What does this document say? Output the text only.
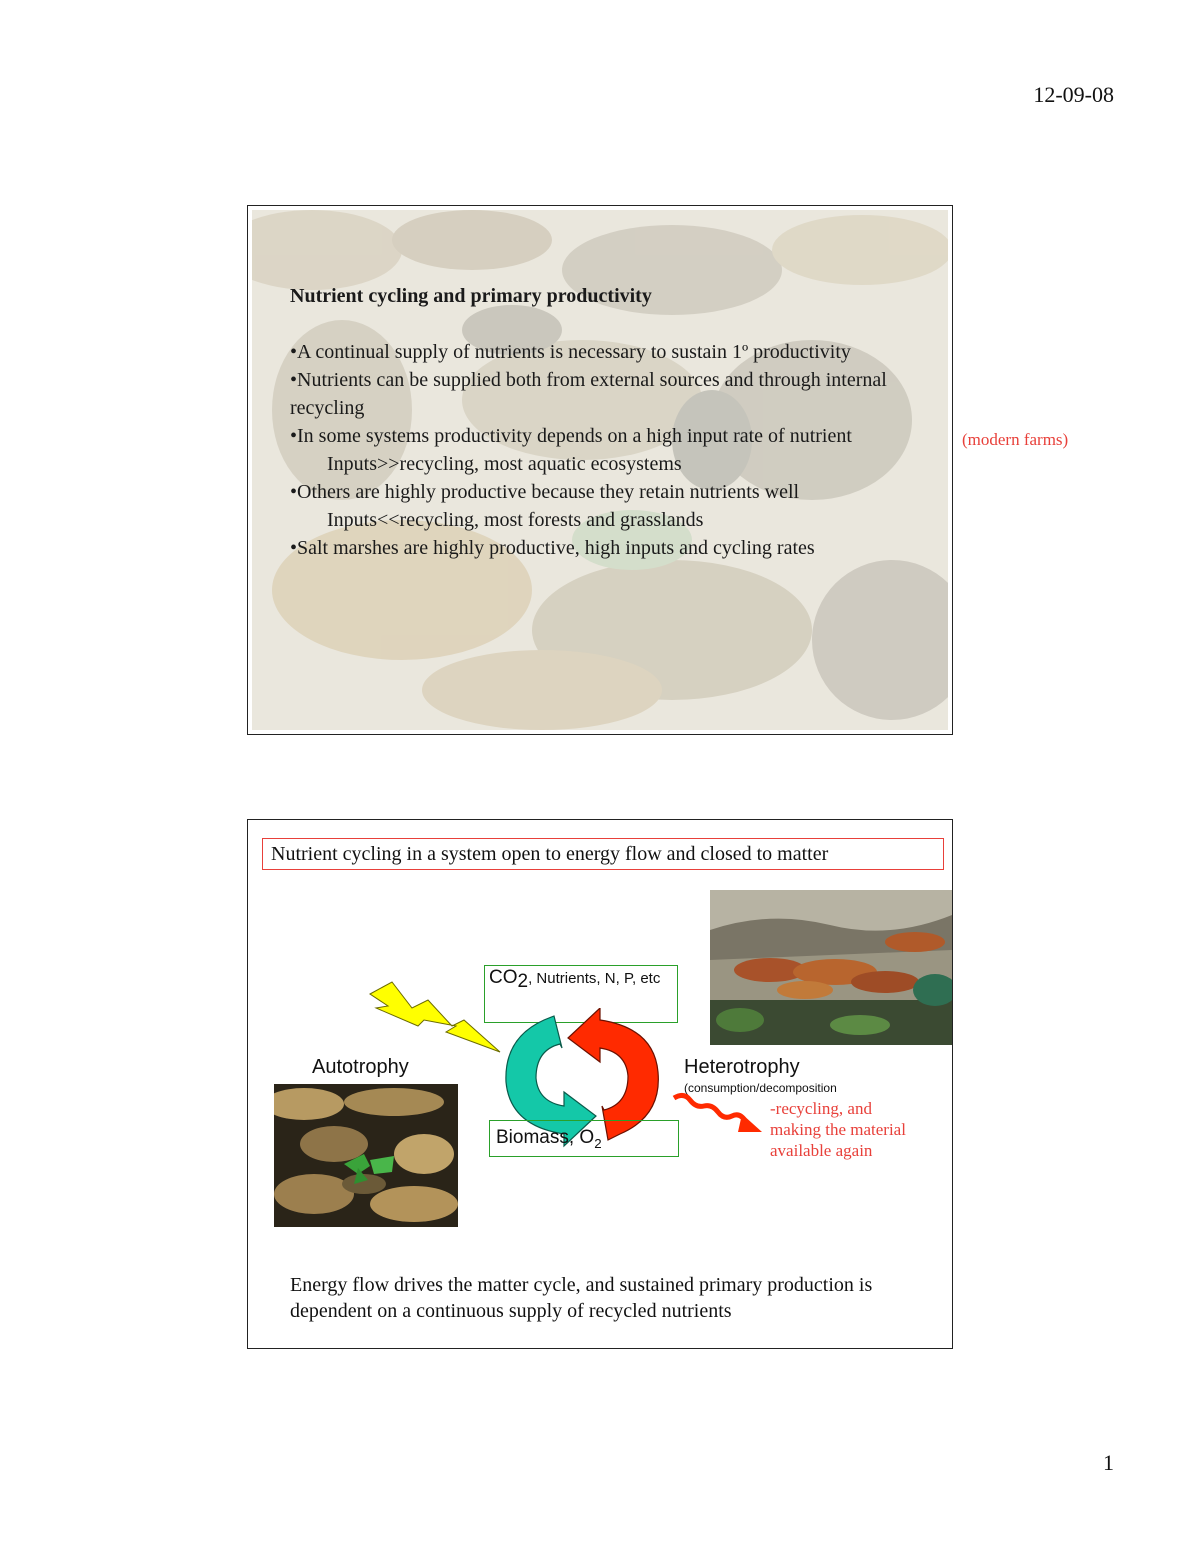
12-09-08
Nutrient cycling and primary productivity
•A continual supply of nutrients is necessary to sustain 1º productivity
•Nutrients can be supplied both from external sources and through internal recycling
•In some systems productivity depends on a high input rate of nutrient
Inputs>>recycling, most aquatic ecosystems
•Others are highly productive because they retain nutrients well
Inputs<<recycling, most forests and grasslands
•Salt marshes are highly productive, high inputs and cycling rates
(modern farms)
Nutrient cycling in a system open to energy flow and closed to matter
$CO_2$, Nutrients, N, P, etc
Biomass, $O_2$
Autotrophy	Heterotrophy
(consumption/decomposition
-recycling, and
making the material
available again
Energy flow drives the matter cycle, and sustained primary production is dependent on a continuous supply of recycled nutrients
1
